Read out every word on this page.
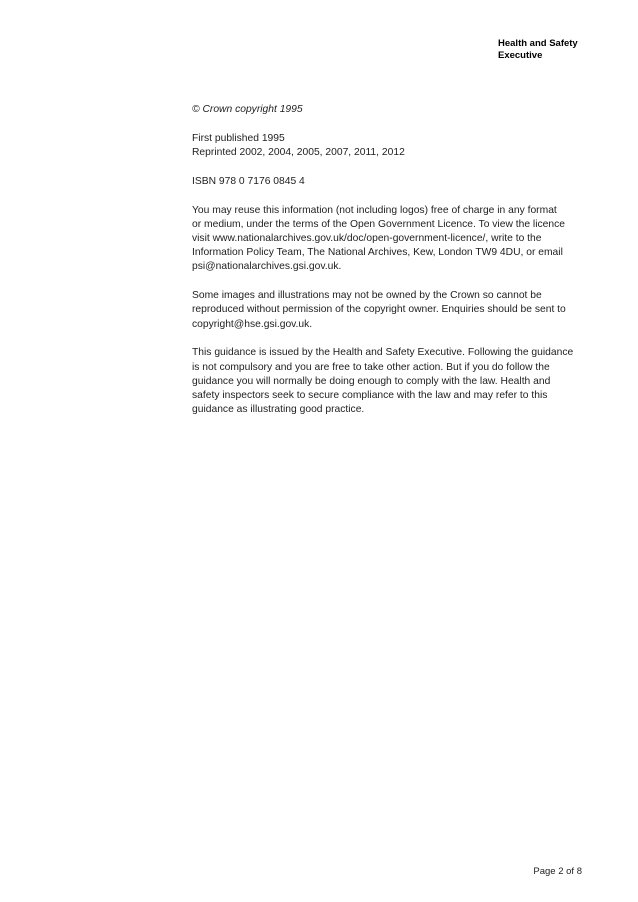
Health and Safety
Executive

© Crown copyright 1995

First published 1995
Reprinted 2002, 2004, 2005, 2007, 2011, 2012

ISBN 978 0 7176 0845 4

You may reuse this information (not including logos) free of charge in any format
or medium, under the terms of the Open Government Licence. To view the licence
visit www.nationalarchives.gov.uk/doc/open-government-licence/, write to the
Information Policy Team, The National Archives, Kew, London TW9 4DU, or email
psi@nationalarchives.gsi.gov.uk.

Some images and illustrations may not be owned by the Crown so cannot be
reproduced without permission of the copyright owner. Enquiries should be sent to
copyright@hse.gsi.gov.uk.

This guidance is issued by the Health and Safety Executive. Following the guidance
is not compulsory and you are free to take other action. But if you do follow the
guidance you will normally be doing enough to comply with the law. Health and
safety inspectors seek to secure compliance with the law and may refer to this
guidance as illustrating good practice.

Page 2 of 8
